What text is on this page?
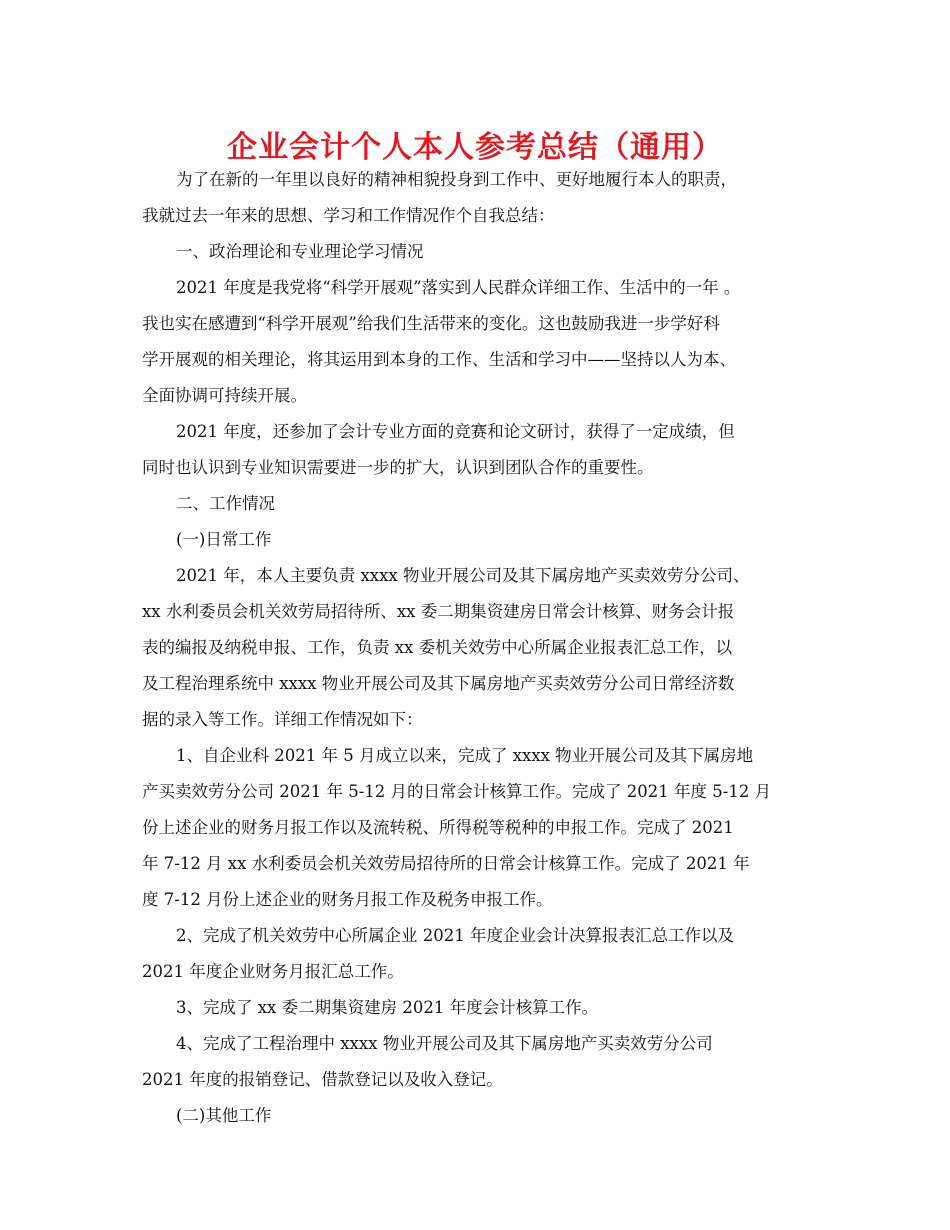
企业会计个人本人参考总结（通用）
为了在新的一年里以良好的精神相貌投身到工作中、更好地履行本人的职责，
我就过去一年来的思想、学习和工作情况作个自我总结：
一、政治理论和专业理论学习情况
2021 年度是我党将“科学开展观”落实到人民群众详细工作、生活中的一年 。
我也实在感遭到“科学开展观”给我们生活带来的变化。这也鼓励我进一步学好科
学开展观的相关理论，将其运用到本身的工作、生活和学习中——坚持以人为本、
全面协调可持续开展。
2021 年度，还参加了会计专业方面的竞赛和论文研讨，获得了一定成绩，但
同时也认识到专业知识需要进一步的扩大，认识到团队合作的重要性。
二、工作情况
(一)日常工作
2021 年，本人主要负责 xxxx 物业开展公司及其下属房地产买卖效劳分公司、
xx 水利委员会机关效劳局招待所、xx 委二期集资建房日常会计核算、财务会计报
表的编报及纳税申报、工作，负责 xx 委机关效劳中心所属企业报表汇总工作，以
及工程治理系统中 xxxx 物业开展公司及其下属房地产买卖效劳分公司日常经济数
据的录入等工作。详细工作情况如下：
1、自企业科 2021 年 5 月成立以来，完成了 xxxx 物业开展公司及其下属房地
产买卖效劳分公司 2021 年 5-12 月的日常会计核算工作。完成了 2021 年度 5-12 月
份上述企业的财务月报工作以及流转税、所得税等税种的申报工作。完成了 2021
年 7-12 月 xx 水利委员会机关效劳局招待所的日常会计核算工作。完成了 2021 年
度 7-12 月份上述企业的财务月报工作及税务申报工作。
2、完成了机关效劳中心所属企业 2021 年度企业会计决算报表汇总工作以及
2021 年度企业财务月报汇总工作。
3、完成了 xx 委二期集资建房 2021 年度会计核算工作。
4、完成了工程治理中 xxxx 物业开展公司及其下属房地产买卖效劳分公司
2021 年度的报销登记、借款登记以及收入登记。
(二)其他工作
